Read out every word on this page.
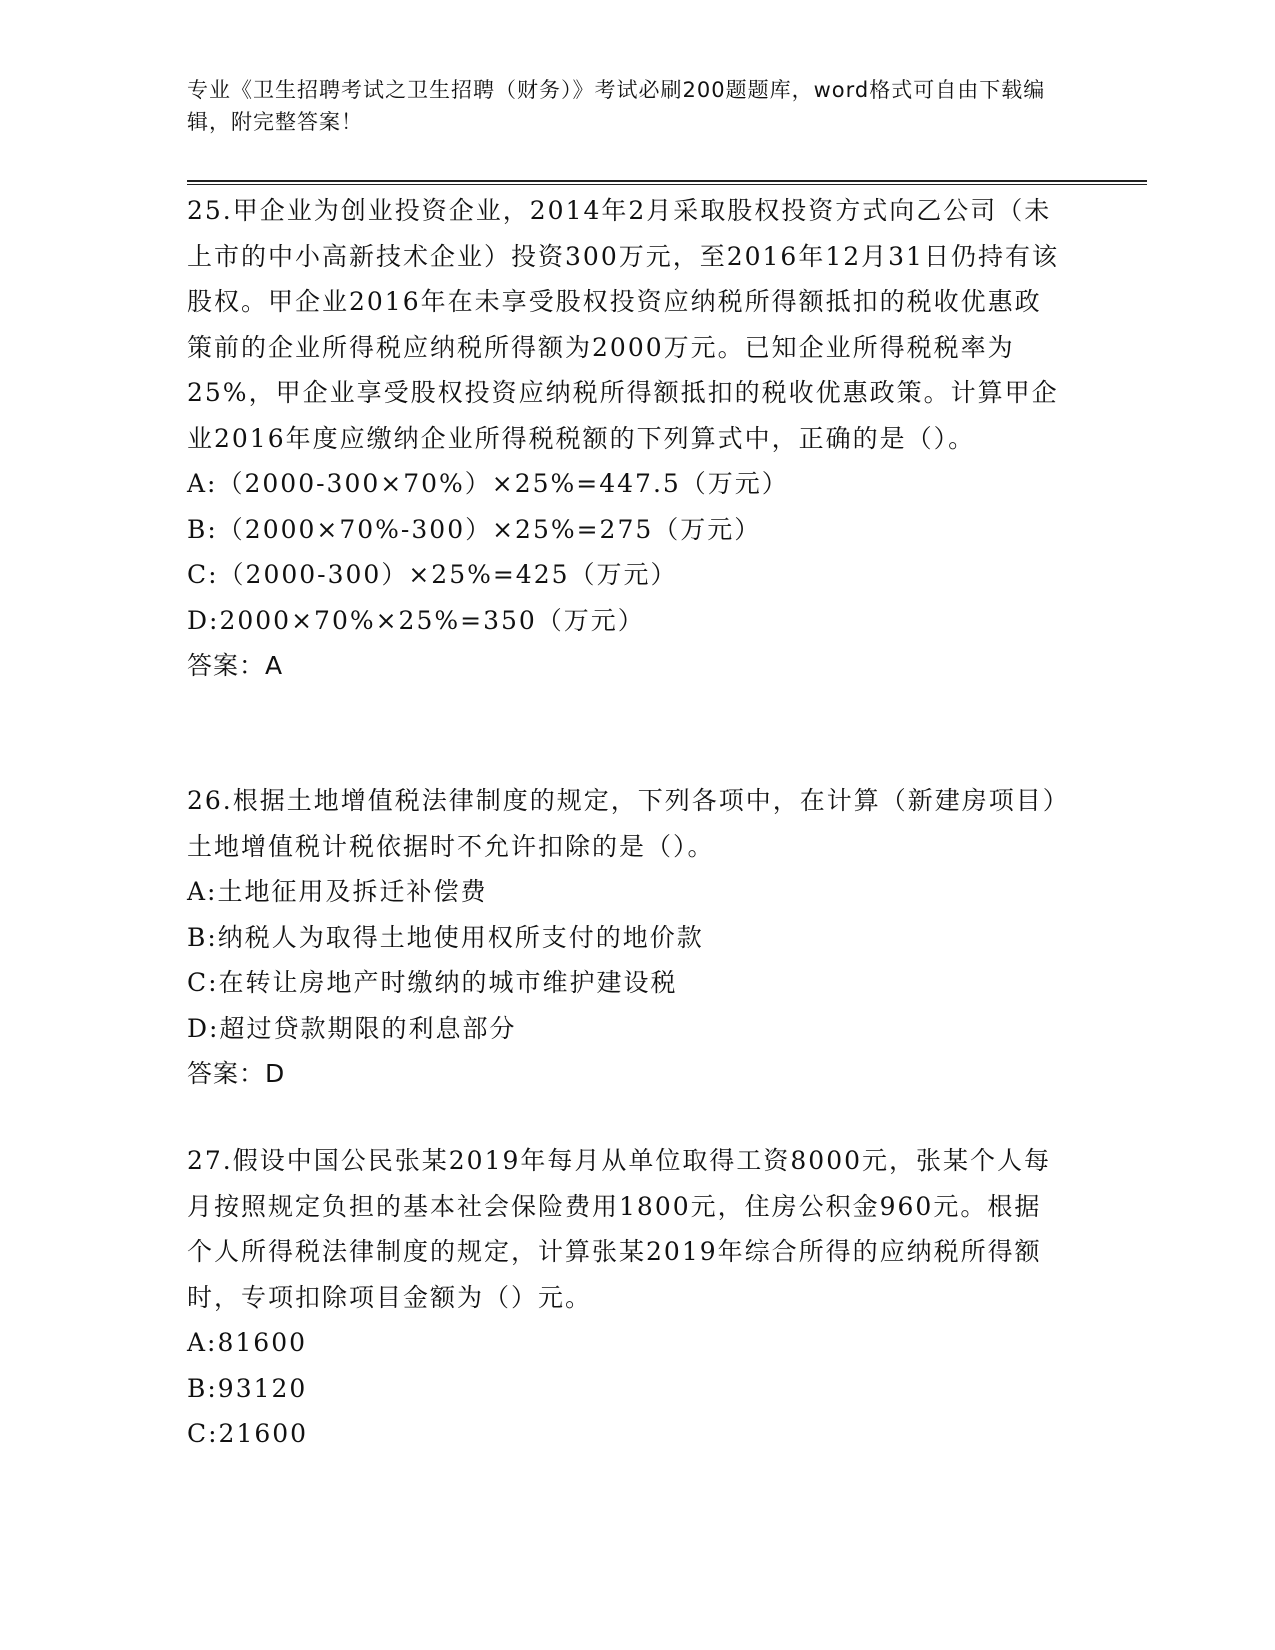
专业《卫生招聘考试之卫生招聘（财务）》考试必刷200题题库，word格式可自由下载编辑，附完整答案！

25.甲企业为创业投资企业，2014年2月采取股权投资方式向乙公司（未上市的中小高新技术企业）投资300万元，至2016年12月31日仍持有该股权。甲企业2016年在未享受股权投资应纳税所得额抵扣的税收优惠政策前的企业所得税应纳税所得额为2000万元。已知企业所得税税率为25%，甲企业享受股权投资应纳税所得额抵扣的税收优惠政策。计算甲企业2016年度应缴纳企业所得税税额的下列算式中，正确的是（）。

A:（2000-300×70%）×25%=447.5（万元）

B:（2000×70%-300）×25%=275（万元）

C:（2000-300）×25%=425（万元）

D:2000×70%×25%=350（万元）

答案：A

26.根据土地增值税法律制度的规定，下列各项中，在计算（新建房项目）土地增值税计税依据时不允许扣除的是（）。

A:土地征用及拆迁补偿费

B:纳税人为取得土地使用权所支付的地价款

C:在转让房地产时缴纳的城市维护建设税

D:超过贷款期限的利息部分

答案：D

27.假设中国公民张某2019年每月从单位取得工资8000元，张某个人每月按照规定负担的基本社会保险费用1800元，住房公积金960元。根据个人所得税法律制度的规定，计算张某2019年综合所得的应纳税所得额时，专项扣除项目金额为（）元。

A:81600

B:93120

C:21600
